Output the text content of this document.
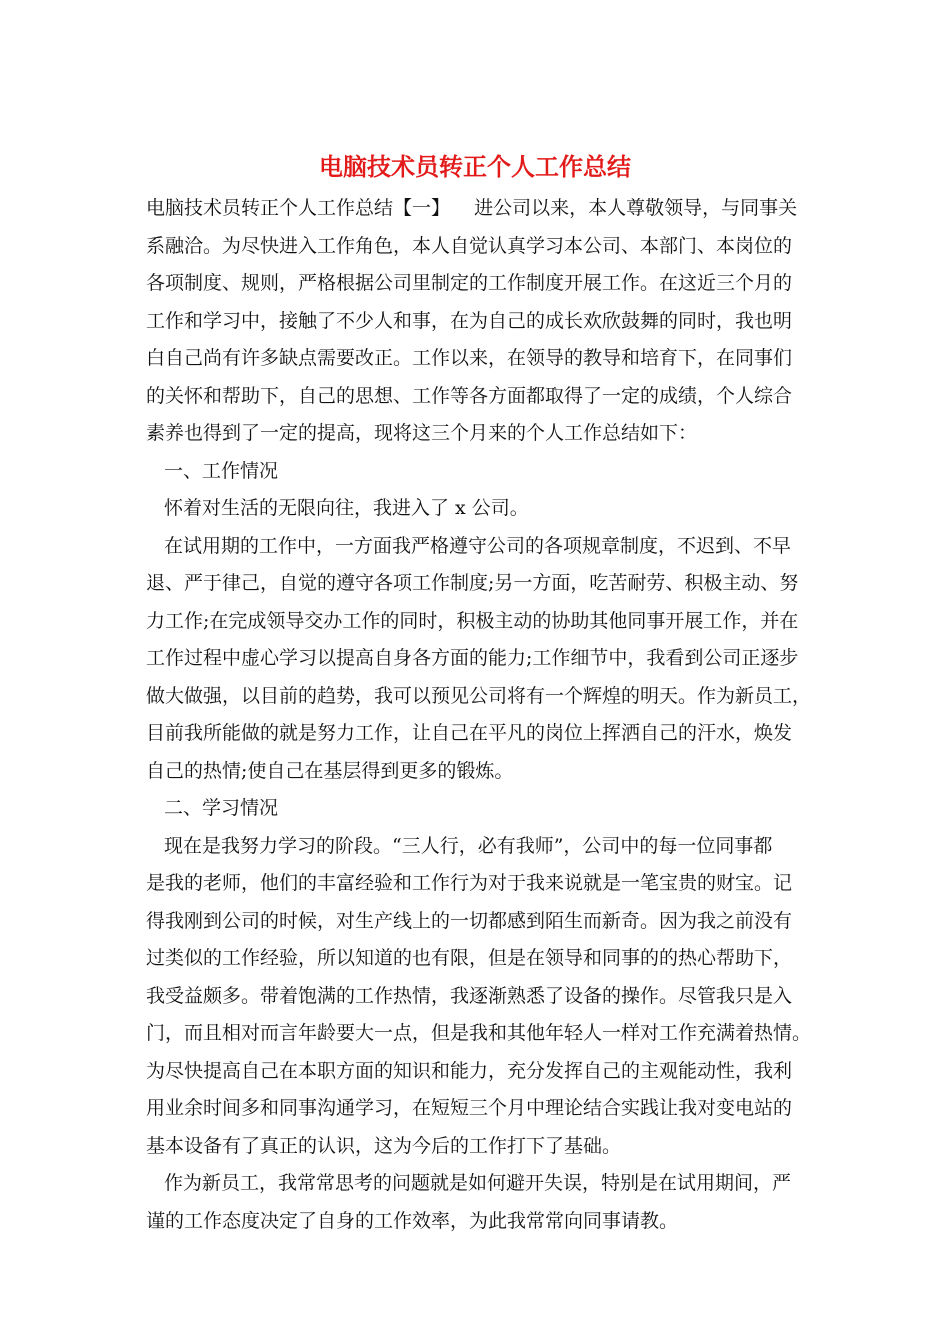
电脑技术员转正个人工作总结
电脑技术员转正个人工作总结【一】    进公司以来，本人尊敬领导，与同事关
系融洽。为尽快进入工作角色，本人自觉认真学习本公司、本部门、本岗位的
各项制度、规则，严格根据公司里制定的工作制度开展工作。在这近三个月的
工作和学习中，接触了不少人和事，在为自己的成长欢欣鼓舞的同时，我也明
白自己尚有许多缺点需要改正。工作以来，在领导的教导和培育下，在同事们
的关怀和帮助下，自己的思想、工作等各方面都取得了一定的成绩，个人综合
素养也得到了一定的提高，现将这三个月来的个人工作总结如下：
一、工作情况
怀着对生活的无限向往，我进入了 x 公司。
在试用期的工作中，一方面我严格遵守公司的各项规章制度，不迟到、不早
退、严于律己，自觉的遵守各项工作制度;另一方面，吃苦耐劳、积极主动、努
力工作;在完成领导交办工作的同时，积极主动的协助其他同事开展工作，并在
工作过程中虚心学习以提高自身各方面的能力;工作细节中，我看到公司正逐步
做大做强，以目前的趋势，我可以预见公司将有一个辉煌的明天。作为新员工，
目前我所能做的就是努力工作，让自己在平凡的岗位上挥洒自己的汗水，焕发
自己的热情;使自己在基层得到更多的锻炼。
二、学习情况
现在是我努力学习的阶段。“三人行，必有我师”，公司中的每一位同事都
是我的老师，他们的丰富经验和工作行为对于我来说就是一笔宝贵的财宝。记
得我刚到公司的时候，对生产线上的一切都感到陌生而新奇。因为我之前没有
过类似的工作经验，所以知道的也有限，但是在领导和同事的的热心帮助下，
我受益颇多。带着饱满的工作热情，我逐渐熟悉了设备的操作。尽管我只是入
门，而且相对而言年龄要大一点，但是我和其他年轻人一样对工作充满着热情。
为尽快提高自己在本职方面的知识和能力，充分发挥自己的主观能动性，我利
用业余时间多和同事沟通学习，在短短三个月中理论结合实践让我对变电站的
基本设备有了真正的认识，这为今后的工作打下了基础。
作为新员工，我常常思考的问题就是如何避开失误，特别是在试用期间，严
谨的工作态度决定了自身的工作效率，为此我常常向同事请教。
